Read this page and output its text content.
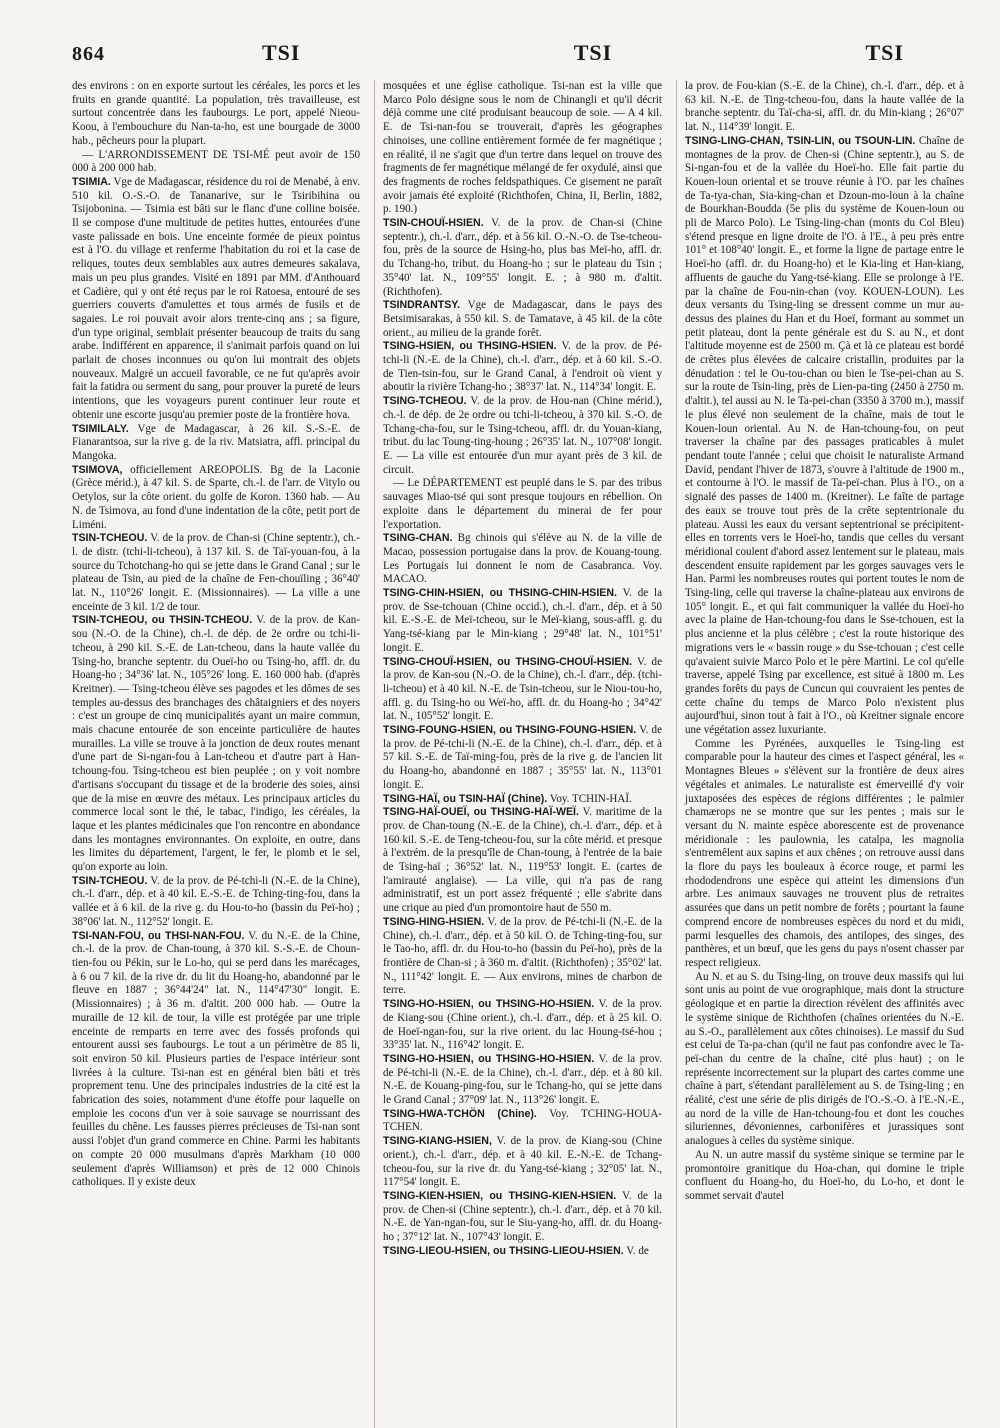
864	TSI	TSI	TSI

des environs : on en exporte surtout les céréales, les porcs et les fruits en grande quantité. La population, très travailleuse, est surtout concentrée dans les faubourgs. Le port, appelé Nieou-Koou, à l'embouchure du Nan-ta-ho, est une bourgade de 3000 hab., pêcheurs pour la plupart.

— L'ARRONDISSEMENT DE TSI-MÉ peut avoir de 150 000 à 200 000 hab.

TSIMIA. Vge de Madagascar, résidence du roi de Menabé, à env. 510 kil. O.-S.-O. de Tananarive, sur le Tsiribihina ou Tsijobonina. — Tsimia est bâti sur le flanc d'une colline boisée. Il se compose d'une multitude de petites huttes, entourées d'une vaste palissade en bois. Une enceinte formée de pieux pointus est à l'O. du village et renferme l'habitation du roi et la case de reliques, toutes deux semblables aux autres demeures sakalava, mais un peu plus grandes. Visité en 1891 par MM. d'Anthouard et Cadière, qui y ont été reçus par le roi Ratoesa, entouré de ses guerriers couverts d'amulettes et tous armés de fusils et de sagaies. Le roi pouvait avoir alors trente-cinq ans ; sa figure, d'un type original, semblait présenter beaucoup de traits du sang arabe. Indifférent en apparence, il s'animait parfois quand on lui parlait de choses inconnues ou qu'on lui montrait des objets nouveaux. Malgré un accueil favorable, ce ne fut qu'après avoir fait la fatidra ou serment du sang, pour prouver la pureté de leurs intentions, que les voyageurs purent continuer leur route et obtenir une escorte jusqu'au premier poste de la frontière hova.

TSIMILALY. Vge de Madagascar, à 26 kil. S.-S.-E. de Fianarantsoa, sur la rive g. de la riv. Matsiatra, affl. principal du Mangoka.

TSIMOVA, officiellement AREOPOLIS. Bg de la Laconie (Grèce mérid.), à 47 kil. S. de Sparte, ch.-l. de l'arr. de Vitylo ou Oetylos, sur la côte orient. du golfe de Koron. 1360 hab. — Au N. de Tsimova, au fond d'une indentation de la côte, petit port de Liméni.

TSIN-TCHEOU. V. de la prov. de Chan-si (Chine septentr.), ch.-l. de distr. (tchi-li-tcheou), à 137 kil. S. de Taï-youan-fou, à la source du Tchotchang-ho qui se jette dans le Grand Canal ; sur le plateau de Tsin, au pied de la chaîne de Fen-chouïling ; 36°40' lat. N., 110°26' longit. E. (Missionnaires). — La ville a une enceinte de 3 kil. 1/2 de tour.

TSIN-TCHEOU, ou THSIN-TCHEOU. V. de la prov. de Kan-sou (N.-O. de la Chine), ch.-l. de dép. de 2e ordre ou tchi-li-tcheou, à 290 kil. S.-E. de Lan-tcheou, dans la haute vallée du Tsing-ho, branche septentr. du Oueï-ho ou Tsing-ho, affl. dr. du Hoang-ho ; 34°36' lat. N., 105°26' long. E. 160 000 hab. (d'après Kreitner). — Tsing-tcheou élève ses pagodes et les dômes de ses temples au-dessus des branchages des châtaigniers et des noyers : c'est un groupe de cinq municipalités ayant un maire commun, mais chacune entourée de son enceinte particulière de hautes murailles. La ville se trouve à la jonction de deux routes menant d'une part de Si-ngan-fou à Lan-tcheou et d'autre part à Han-tchoung-fou. Tsing-tcheou est bien peuplée ; on y voit nombre d'artisans s'occupant du tissage et de la broderie des soies, ainsi que de la mise en œuvre des métaux. Les principaux articles du commerce local sont le thé, le tabac, l'indigo, les céréales, la laque et les plantes médicinales que l'on rencontre en abondance dans les montagnes environnantes. On exploite, en outre, dans les limites du département, l'argent, le fer, le plomb et le sel, qu'on exporte au loin.

TSIN-TCHEOU. V. de la prov. de Pé-tchi-li (N.-E. de la Chine), ch.-l. d'arr., dép. et à 40 kil. E.-S.-E. de Tching-ting-fou, dans la vallée et à 6 kil. de la rive g. du Hou-to-ho (bassin du Peï-ho) ; 38°06' lat. N., 112°52' longit. E.

TSI-NAN-FOU, ou THSI-NAN-FOU. V. du N.-E. de la Chine, ch.-l. de la prov. de Chan-toung, à 370 kil. S.-S.-E. de Choun-tien-fou ou Pékin, sur le Lo-ho, qui se perd dans les marécages, à 6 ou 7 kil. de la rive dr. du lit du Hoang-ho, abandonné par le fleuve en 1887 ; 36°44'24" lat. N., 114°47'30" longit. E. (Missionnaires) ; à 36 m. d'altit. 200 000 hab. — Outre la muraille de 12 kil. de tour, la ville est protégée par une triple enceinte de remparts en terre avec des fossés profonds qui entourent aussi ses faubourgs. Le tout a un périmètre de 85 li, soit environ 50 kil. Plusieurs parties de l'espace intérieur sont livrées à la culture. Tsi-nan est en général bien bâti et très proprement tenu. Une des principales industries de la cité est la fabrication des soies, notamment d'une étoffe pour laquelle on emploie les cocons d'un ver à soie sauvage se nourrissant des feuilles du chêne. Les fausses pierres précieuses de Tsi-nan sont aussi l'objet d'un grand commerce en Chine. Parmi les habitants on compte 20 000 musulmans d'après Markham (10 000 seulement d'après Williamson) et près de 12 000 Chinois catholiques. Il y existe deux

mosquées et une église catholique. Tsi-nan est la ville que Marco Polo désigne sous le nom de Chinangli et qu'il décrit déjà comme une cité produisant beaucoup de soie. — A 4 kil. E. de Tsi-nan-fou se trouverait, d'après les géographes chinoises, une colline entièrement formée de fer magnétique ; en réalité, il ne s'agit que d'un tertre dans lequel on trouve des fragments de fer magnétique mélangé de fer oxydulé, ainsi que des fragments de roches feldspathiques. Ce gisement ne paraît avoir jamais été exploité (Richthofen, China, II, Berlin, 1882, p. 190.)

TSIN-CHOUÏ-HSIEN. V. de la prov. de Chan-si (Chine septentr.), ch.-l. d'arr., dép. et à 56 kil. O.-N.-O. de Tse-tcheou-fou, près de la source de Hsing-ho, plus bas Meï-ho, affl. dr. du Tchang-ho, tribut. du Hoang-ho ; sur le plateau du Tsin ; 35°40' lat. N., 109°55' longit. E. ; à 980 m. d'altit. (Richthofen).

TSINDRANTSY. Vge de Madagascar, dans le pays des Betsimisarakas, à 550 kil. S. de Tamatave, à 45 kil. de la côte orient., au milieu de la grande forêt.

TSING-HSIEN, ou THSING-HSIEN. V. de la prov. de Pé-tchi-li (N.-E. de la Chine), ch.-l. d'arr., dép. et à 60 kil. S.-O. de Tien-tsin-fou, sur le Grand Canal, à l'endroit où vient y aboutir la rivière Tchang-ho ; 38°37' lat. N., 114°34' longit. E.

TSING-TCHEOU. V. de la prov. de Hou-nan (Chine mérid.), ch.-l. de dép. de 2e ordre ou tchi-li-tcheou, à 370 kil. S.-O. de Tchang-cha-fou, sur le Tsing-tcheou, affl. dr. du Youan-kiang, tribut. du lac Toung-ting-houng ; 26°35' lat. N., 107°08' longit. E. — La ville est entourée d'un mur ayant près de 3 kil. de circuit.

— Le DÉPARTEMENT est peuplé dans le S. par des tribus sauvages Miao-tsé qui sont presque toujours en rébellion. On exploite dans le département du minerai de fer pour l'exportation.

TSING-CHAN. Bg chinois qui s'élève au N. de la ville de Macao, possession portugaise dans la prov. de Kouang-toung. Les Portugais lui donnent le nom de Casabranca. Voy. MACAO.

TSING-CHIN-HSIEN, ou THSING-CHIN-HSIEN. V. de la prov. de Sse-tchouan (Chine occid.), ch.-l. d'arr., dép. et à 50 kil. E.-S.-E. de Meï-tcheou, sur le Meï-kiang, sous-affl. g. du Yang-tsé-kiang par le Min-kiang ; 29°48' lat. N., 101°51' longit. E.

TSING-CHOUÏ-HSIEN, ou THSING-CHOUÏ-HSIEN. V. de la prov. de Kan-sou (N.-O. de la Chine), ch.-l. d'arr., dép. (tchi-li-tcheou) et à 40 kil. N.-E. de Tsin-tcheou, sur le Niou-tou-ho, affl. g. du Tsing-ho ou Weï-ho, affl. dr. du Hoang-ho ; 34°42' lat. N., 105°52' longit. E.

TSING-FOUNG-HSIEN, ou THSING-FOUNG-HSIEN. V. de la prov. de Pé-tchi-li (N.-E. de la Chine), ch.-l. d'arr., dép. et à 57 kil. S.-E. de Taï-ming-fou, près de la rive g. de l'ancien lit du Hoang-ho, abandonné en 1887 ; 35°55' lat. N., 113°01 longit. E.

TSING-HAÏ, ou TSIN-HAÏ (Chine). Voy. TCHIN-HAÏ.

TSING-HAÏ-OUEÏ, ou THSING-HAÏ-WEÏ. V. maritime de la prov. de Chan-toung (N.-E. de la Chine), ch.-l. d'arr., dép. et à 160 kil. S.-E. de Teng-tcheou-fou, sur la côte mérid. et presque à l'extrém. de la presqu'île de Chan-toung, à l'entrée de la baie de Tsing-haï ; 36°52' lat. N., 119°53' longit. E. (cartes de l'amirauté anglaise). — La ville, qui n'a pas de rang administratif, est un port assez fréquenté ; elle s'abrite dans une crique au pied d'un promontoire haut de 550 m.

TSING-HING-HSIEN. V. de la prov. de Pé-tchi-li (N.-E. de la Chine), ch.-l. d'arr., dép. et à 50 kil. O. de Tching-ting-fou, sur le Tao-ho, affl. dr. du Hou-to-ho (bassin du Peï-ho), près de la frontière de Chan-si ; à 360 m. d'altit. (Richthofen) ; 35°02' lat. N., 111°42' longit. E. — Aux environs, mines de charbon de terre.

TSING-HO-HSIEN, ou THSING-HO-HSIEN. V. de la prov. de Kiang-sou (Chine orient.), ch.-l. d'arr., dép. et à 25 kil. O. de Hoeï-ngan-fou, sur la rive orient. du lac Houng-tsé-hou ; 33°35' lat. N., 116°42' longit. E.

TSING-HO-HSIEN, ou THSING-HO-HSIEN. V. de la prov. de Pé-tchi-li (N.-E. de la Chine), ch.-l. d'arr., dép. et à 80 kil. N.-E. de Kouang-ping-fou, sur le Tchang-ho, qui se jette dans le Grand Canal ; 37°09' lat. N., 113°26' longit. E.

TSING-HWA-TCHÖN (Chine). Voy. TCHING-HOUA-TCHEN.

TSING-KIANG-HSIEN, V. de la prov. de Kiang-sou (Chine orient.), ch.-l. d'arr., dép. et à 40 kil. E.-N.-E. de Tchang-tcheou-fou, sur la rive dr. du Yang-tsé-kiang ; 32°05' lat. N., 117°54' longit. E.

TSING-KIEN-HSIEN, ou THSING-KIEN-HSIEN. V. de la prov. de Chen-si (Chine septentr.), ch.-l. d'arr., dép. et à 70 kil. N.-E. de Yan-ngan-fou, sur le Siu-yang-ho, affl. dr. du Hoang-ho ; 37°12' lat. N., 107°43' longit. E.

TSING-LIEOU-HSIEN, ou THSING-LIEOU-HSIEN. V. de

la prov. de Fou-kian (S.-E. de la Chine), ch.-l. d'arr., dép. et à 63 kil. N.-E. de Ting-tcheou-fou, dans la haute vallée de la branche septentr. du Taï-cha-si, affl. dr. du Min-kiang ; 26°07' lat. N., 114°39' longit. E.

TSING-LING-CHAN, TSIN-LIN, ou TSOUN-LIN. Chaîne de montagnes de la prov. de Chen-si (Chine septentr.), au S. de Si-ngan-fou et de la vallée du Hoeï-ho. Elle fait partie du Kouen-loun oriental et se trouve réunie à l'O. par les chaînes de Ta-tya-chan, Sia-king-chan et Dzoun-mo-loun à la chaîne de Bourkhan-Boudda (5e plis du système de Kouen-loun ou pli de Marco Polo). Le Tsing-ling-chan (monts du Col Bleu) s'étend presque en ligne droite de l'O. à l'E., à peu près entre 101° et 108°40' longit. E., et forme la ligne de partage entre le Hoeï-ho (affl. dr. du Hoang-ho) et le Kia-ling et Han-kiang, affluents de gauche du Yang-tsé-kiang. Elle se prolonge à l'E. par la chaîne de Fou-nin-chan (voy. KOUEN-LOUN). Les deux versants du Tsing-ling se dressent comme un mur au-dessus des plaines du Han et du Hoeï, formant au sommet un petit plateau, dont la pente générale est du S. au N., et dont l'altitude moyenne est de 2500 m. Çà et là ce plateau est bordé de crêtes plus élevées de calcaire cristallin, produites par la dénudation : tel le Ou-tou-chan ou bien le Tse-pei-chan au S. sur la route de Tsin-ling, près de Lien-pa-ting (2450 à 2750 m. d'altit.), tel aussi au N. le Ta-pei-chan (3350 à 3700 m.), massif le plus élevé non seulement de la chaîne, mais de tout le Kouen-loun oriental. Au N. de Han-tchoung-fou, on peut traverser la chaîne par des passages praticables à mulet pendant toute l'année ; celui que choisit le naturaliste Armand David, pendant l'hiver de 1873, s'ouvre à l'altitude de 1900 m., et contourne à l'O. le massif de Ta-peï-chan. Plus à l'O., on a signalé des passes de 1400 m. (Kreitner). Le faîte de partage des eaux se trouve tout près de la crête septentrionale du plateau. Aussi les eaux du versant septentrional se précipitent-elles en torrents vers le Hoeï-ho, tandis que celles du versant méridional coulent d'abord assez lentement sur le plateau, mais descendent ensuite rapidement par les gorges sauvages vers le Han. Parmi les nombreuses routes qui portent toutes le nom de Tsing-ling, celle qui traverse la chaîne-plateau aux environs de 105° longit. E., et qui fait communiquer la vallée du Hoeï-ho avec la plaine de Han-tchoung-fou dans le Sse-tchouen, est la plus ancienne et la plus célèbre ; c'est la route historique des migrations vers le « bassin rouge » du Sse-tchouan ; c'est celle qu'avaient suivie Marco Polo et le père Martini. Le col qu'elle traverse, appelé Tsing par excellence, est situé à 1800 m. Les grandes forêts du pays de Cuncun qui couvraient les pentes de cette chaîne du temps de Marco Polo n'existent plus aujourd'hui, sinon tout à fait à l'O., où Kreitner signale encore une végétation assez luxuriante.

Comme les Pyrénées, auxquelles le Tsing-ling est comparable pour la hauteur des cimes et l'aspect général, les « Montagnes Bleues » s'élèvent sur la frontière de deux aires végétales et animales. Le naturaliste est émerveillé d'y voir juxtaposées des espèces de régions différentes ; le palmier chamærops ne se montre que sur les pentes ; mais sur le versant du N. mainte espèce aborescente est de provenance méridionale : les paulownia, les catalpa, les magnolia s'entremêlent aux sapins et aux chênes ; on retrouve aussi dans la flore du pays les bouleaux à écorce rouge, et parmi les rhododendrons une espèce qui atteint les dimensions d'un arbre. Les animaux sauvages ne trouvent plus de retraites assurées que dans un petit nombre de forêts ; pourtant la faune comprend encore de nombreuses espèces du nord et du midi, parmi lesquelles des chamois, des antilopes, des singes, des panthères, et un bœuf, que les gens du pays n'osent chasser par respect religieux.

Au N. et au S. du Tsing-ling, on trouve deux massifs qui lui sont unis au point de vue orographique, mais dont la structure géologique et en partie la direction révèlent des affinités avec le système sinique de Richthofen (chaînes orientées du N.-E. au S.-O., parallèlement aux côtes chinoises). Le massif du Sud est celui de Ta-pa-chan (qu'il ne faut pas confondre avec le Ta-peï-chan du centre de la chaîne, cité plus haut) ; on le représente incorrectement sur la plupart des cartes comme une chaîne à part, s'étendant parallèlement au S. de Tsing-ling ; en réalité, c'est une série de plis dirigés de l'O.-S.-O. à l'E.-N.-E., au nord de la ville de Han-tchoung-fou et dont les couches siluriennes, dévoniennes, carbonifères et jurassiques sont analogues à celles du système sinique.

Au N. un autre massif du système sinique se termine par le promontoire granitique du Hoa-chan, qui domine le triple confluent du Hoang-ho, du Hoeï-ho, du Lo-ho, et dont le sommet servait d'autel
